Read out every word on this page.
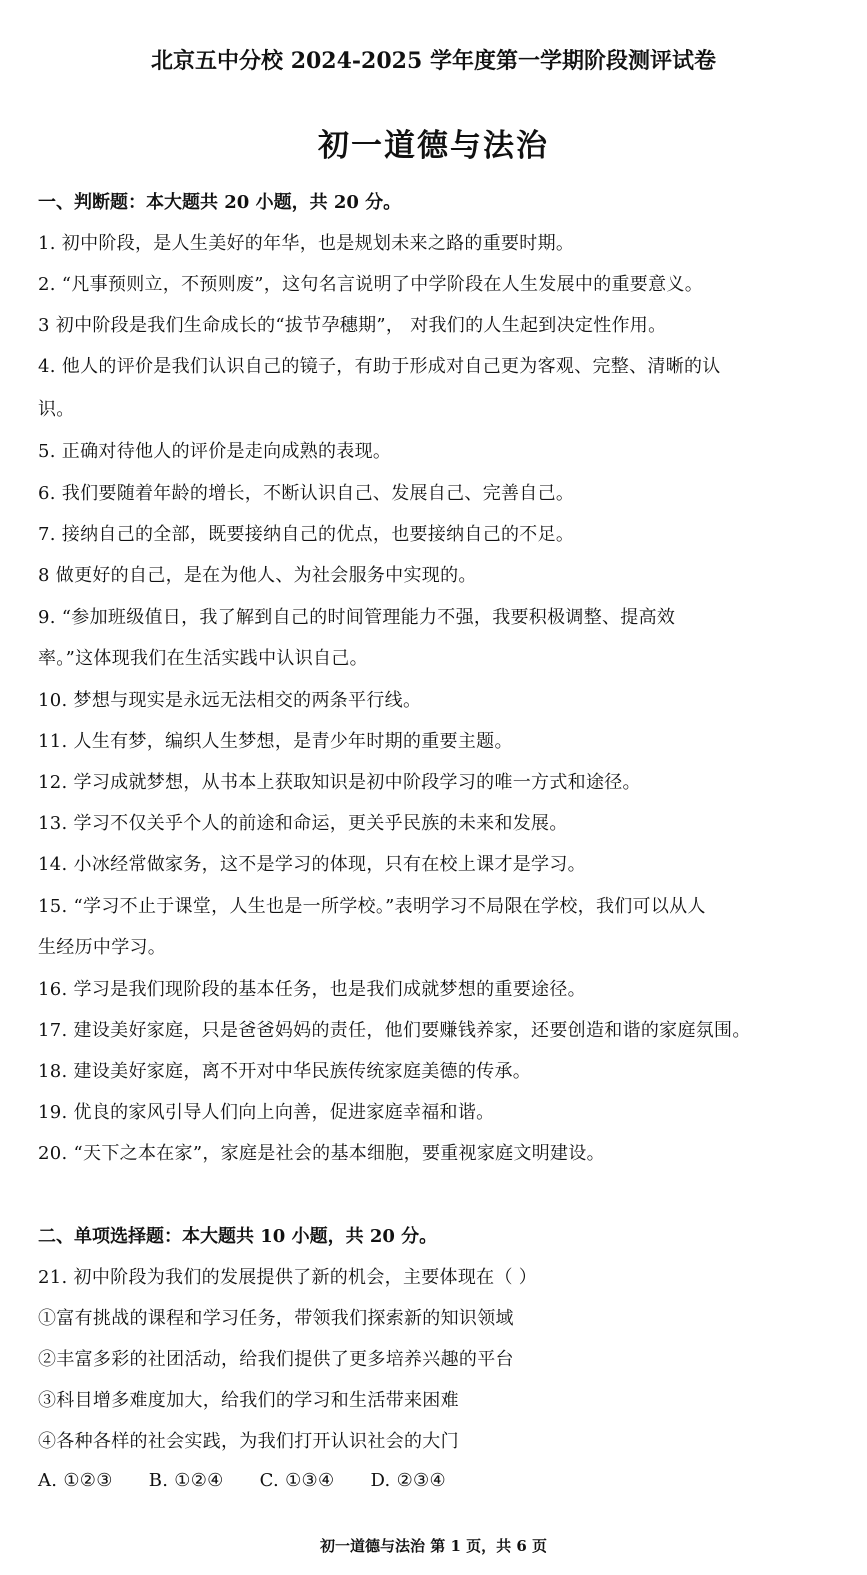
北京五中分校 2024-2025 学年度第一学期阶段测评试卷
初一道德与法治
一、判断题：本大题共 20 小题，共 20 分。
1. 初中阶段，是人生美好的年华，也是规划未来之路的重要时期。
2. “凡事预则立，不预则废”，这句名言说明了中学阶段在人生发展中的重要意义。
3 初中阶段是我们生命成长的“拔节孕穗期”， 对我们的人生起到决定性作用。
4. 他人的评价是我们认识自己的镜子，有助于形成对自己更为客观、完整、清晰的认
识。
5. 正确对待他人的评价是走向成熟的表现。
6. 我们要随着年龄的增长，不断认识自己、发展自己、完善自己。
7. 接纳自己的全部，既要接纳自己的优点，也要接纳自己的不足。
8 做更好的自己，是在为他人、为社会服务中实现的。
9. “参加班级值日，我了解到自己的时间管理能力不强，我要积极调整、提高效
率。”这体现我们在生活实践中认识自己。
10. 梦想与现实是永远无法相交的两条平行线。
11. 人生有梦，编织人生梦想，是青少年时期的重要主题。
12. 学习成就梦想，从书本上获取知识是初中阶段学习的唯一方式和途径。
13. 学习不仅关乎个人的前途和命运，更关乎民族的未来和发展。
14. 小冰经常做家务，这不是学习的体现，只有在校上课才是学习。
15. “学习不止于课堂，人生也是一所学校。”表明学习不局限在学校，我们可以从人
生经历中学习。
16. 学习是我们现阶段的基本任务，也是我们成就梦想的重要途径。
17. 建设美好家庭，只是爸爸妈妈的责任，他们要赚钱养家，还要创造和谐的家庭氛围。
18. 建设美好家庭，离不开对中华民族传统家庭美德的传承。
19. 优良的家风引导人们向上向善，促进家庭幸福和谐。
20. “天下之本在家”，家庭是社会的基本细胞，要重视家庭文明建设。
二、单项选择题：本大题共 10 小题，共 20 分。
21. 初中阶段为我们的发展提供了新的机会，主要体现在（ ）
①富有挑战的课程和学习任务，带领我们探索新的知识领域
②丰富多彩的社团活动，给我们提供了更多培养兴趣的平台
③科目增多难度加大，给我们的学习和生活带来困难
④各种各样的社会实践，为我们打开认识社会的大门
A. ①②③ B. ①②④ C. ①③④ D. ②③④
初一道德与法治 第 1 页，共 6 页
